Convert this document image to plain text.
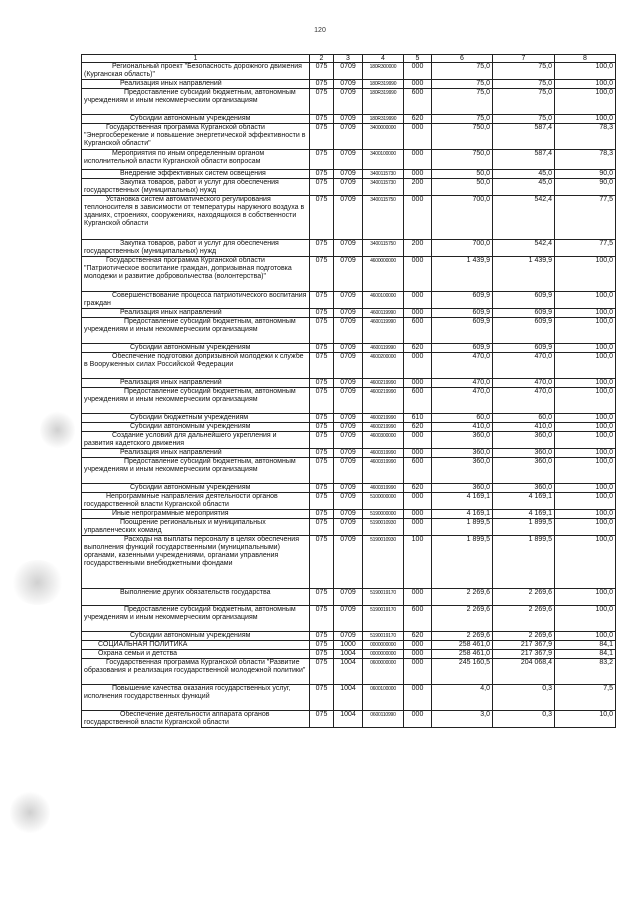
120
1	2	3	4	5	6	7	8

Региональный проект "Безопасность дорожного движения (Курганская область)"	075	0709	180R300000	000	75,0	75,0	100,0

Реализация иных направлений	075	0709	180R319990	000	75,0	75,0	100,0

Предоставление субсидий бюджетным, автономным учреждениям и иным некоммерческим организациям	075	0709	180R319990	600	75,0	75,0	100,0

Субсидии автономным учреждениям	075	0709	180R319990	620	75,0	75,0	100,0

Государственная программа Курганской области "Энергосбережение и повышение энергетической эффективности в Курганской области"	075	0709	3400000000	000	750,0	587,4	78,3

Мероприятия по иным определенным органом исполнительной власти Курганской области вопросам	075	0709	3400100000	000	750,0	587,4	78,3

Внедрение эффективных систем освещения	075	0709	3400115730	000	50,0	45,0	90,0

Закупка товаров, работ и услуг для обеспечения государственных (муниципальных) нужд	075	0709	3400115730	200	50,0	45,0	90,0

Установка систем автоматического регулирования теплоносителя в зависимости от температуры наружного воздуха в зданиях, строениях, сооружениях, находящихся в собственности Курганской области	075	0709	3400115750	000	700,0	542,4	77,5

Закупка товаров, работ и услуг для обеспечения государственных (муниципальных) нужд	075	0709	3400115750	200	700,0	542,4	77,5

Государственная программа Курганской области "Патриотическое воспитание граждан, допризывная подготовка молодежи и развитие добровольчества (волонтерства)"	075	0709	4600000000	000	1 439,9	1 439,9	100,0

Совершенствование процесса патриотического воспитания граждан	075	0709	4600100000	000	609,9	609,9	100,0

Реализация иных направлений	075	0709	4600119990	000	609,9	609,9	100,0

Предоставление субсидий бюджетным, автономным учреждениям и иным некоммерческим организациям	075	0709	4600119990	600	609,9	609,9	100,0

Субсидии автономным учреждениям	075	0709	4600119990	620	609,9	609,9	100,0

Обеспечение подготовки допризывной молодежи к службе в Вооруженных силах Российской Федерации	075	0709	4600200000	000	470,0	470,0	100,0

Реализация иных направлений	075	0709	4600219990	000	470,0	470,0	100,0

Предоставление субсидий бюджетным, автономным учреждениям и иным некоммерческим организациям	075	0709	4600219990	600	470,0	470,0	100,0

Субсидии бюджетным учреждениям	075	0709	4600219990	610	60,0	60,0	100,0

Субсидии автономным учреждениям	075	0709	4600219990	620	410,0	410,0	100,0

Создание условий для дальнейшего укрепления и развития кадетского движения	075	0709	4600300000	000	360,0	360,0	100,0

Реализация иных направлений	075	0709	4600319990	000	360,0	360,0	100,0

Предоставление субсидий бюджетным, автономным учреждениям и иным некоммерческим организациям	075	0709	4600319990	600	360,0	360,0	100,0

Субсидии автономным учреждениям	075	0709	4600319990	620	360,0	360,0	100,0

Непрограммные направления деятельности органов государственной власти Курганской области	075	0709	5100000000	000	4 169,1	4 169,1	100,0

Иные непрограммные мероприятия	075	0709	5190000000	000	4 169,1	4 169,1	100,0

Поощрение региональных и муниципальных управленческих команд	075	0709	5190010930	000	1 899,5	1 899,5	100,0

Расходы на выплаты персоналу в целях обеспечения выполнения функций государственными (муниципальными) органами, казенными учреждениями, органами управления государственными внебюджетными фондами	075	0709	5190010930	100	1 899,5	1 899,5	100,0

Выполнение других обязательств государства	075	0709	5190019170	000	2 269,6	2 269,6	100,0

Предоставление субсидий бюджетным, автономным учреждениям и иным некоммерческим организациям	075	0709	5190019170	600	2 269,6	2 269,6	100,0

Субсидии автономным учреждениям	075	0709	5190019170	620	2 269,6	2 269,6	100,0

СОЦИАЛЬНАЯ ПОЛИТИКА	075	1000	0000000000	000	258 461,0	217 367,9	84,1

Охрана семьи и детства	075	1004	0000000000	000	258 461,0	217 367,9	84,1

Государственная программа Курганской области "Развитие образования и реализация государственной молодежной политики"	075	1004	0600000000	000	245 160,5	204 068,4	83,2

Повышение качества оказания государственных услуг, исполнения государственных функций	075	1004	0600100000	000	4,0	0,3	7,5

Обеспечение деятельности аппарата органов государственной власти Курганской области	075	1004	0600110990	000	3,0	0,3	10,0
